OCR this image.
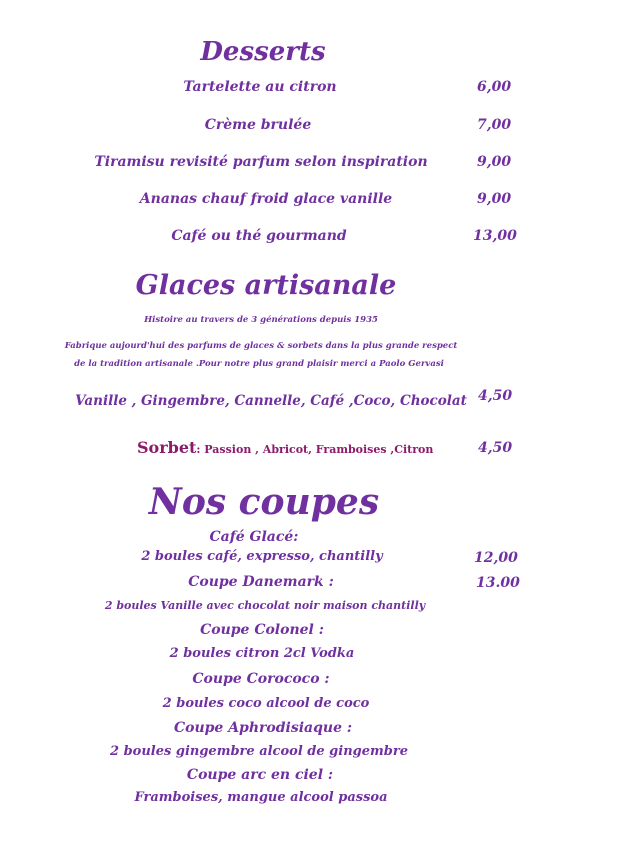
Desserts
Tartelette au citron	6,00
Crème brulée	7,00
Tiramisu revisité parfum selon inspiration	9,00
Ananas chauf froid glace vanille	9,00
Café ou thé gourmand	13,00
Glaces artisanale
Histoire au travers de 3 générations depuis 1935
Fabrique aujourd'hui des parfums de glaces & sorbets dans la plus grande respect
de la tradition artisanale .Pour notre plus grand plaisir merci a Paolo Gervasi
Vanille , Gingembre, Cannelle, Café ,Coco, Chocolat 4,50
Sorbet: Passion , Abricot, Framboises ,Citron	4,50
Nos coupes
Café Glacé:
2 boules café, expresso, chantilly	12,00
Coupe Danemark :	13.00
2 boules Vanille avec chocolat noir maison chantilly
Coupe Colonel :
2 boules citron 2cl Vodka
Coupe Corococo :
2 boules coco alcool de coco
Coupe Aphrodisiaque :
2 boules gingembre alcool de gingembre
Coupe arc en ciel :
Framboises, mangue alcool passoa
